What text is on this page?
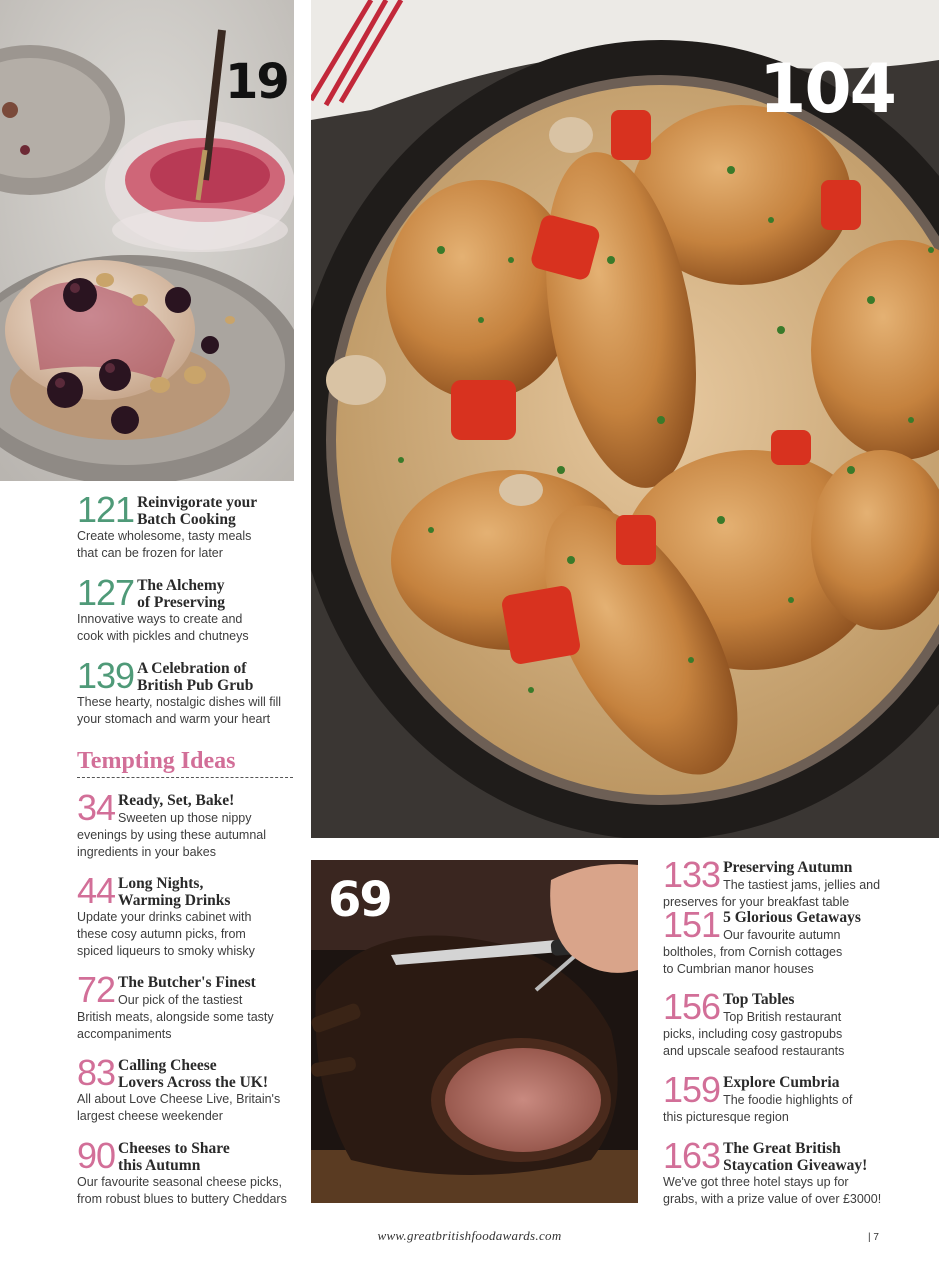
19	104
69
121 Reinvigorate your
Batch Cooking
Create wholesome, tasty meals
that can be frozen for later
127 The Alchemy
of Preserving
Innovative ways to create and
cook with pickles and chutneys
139 A Celebration of
British Pub Grub
These hearty, nostalgic dishes will fill
your stomach and warm your heart
Tempting Ideas
34 Ready, Set, Bake!
Sweeten up those nippy
evenings by using these autumnal
ingredients in your bakes
44 Long Nights,
Warming Drinks
Update your drinks cabinet with
these cosy autumn picks, from
spiced liqueurs to smoky whisky
72 The Butcher's Finest
Our pick of the tastiest
British meats, alongside some tasty
accompaniments
83 Calling Cheese
Lovers Across the UK!
All about Love Cheese Live, Britain's
largest cheese weekender
90 Cheeses to Share
this Autumn
Our favourite seasonal cheese picks,
from robust blues to buttery Cheddars
133 Preserving Autumn
The tastiest jams, jellies and
preserves for your breakfast table
151 5 Glorious Getaways
Our favourite autumn
boltholes, from Cornish cottages
to Cumbrian manor houses
156 Top Tables
Top British restaurant
picks, including cosy gastropubs
and upscale seafood restaurants
159 Explore Cumbria
The foodie highlights of
this picturesque region
163 The Great British
Staycation Giveaway!
We've got three hotel stays up for
grabs, with a prize value of over £3000!
www.greatbritishfoodawards.com	| 7
